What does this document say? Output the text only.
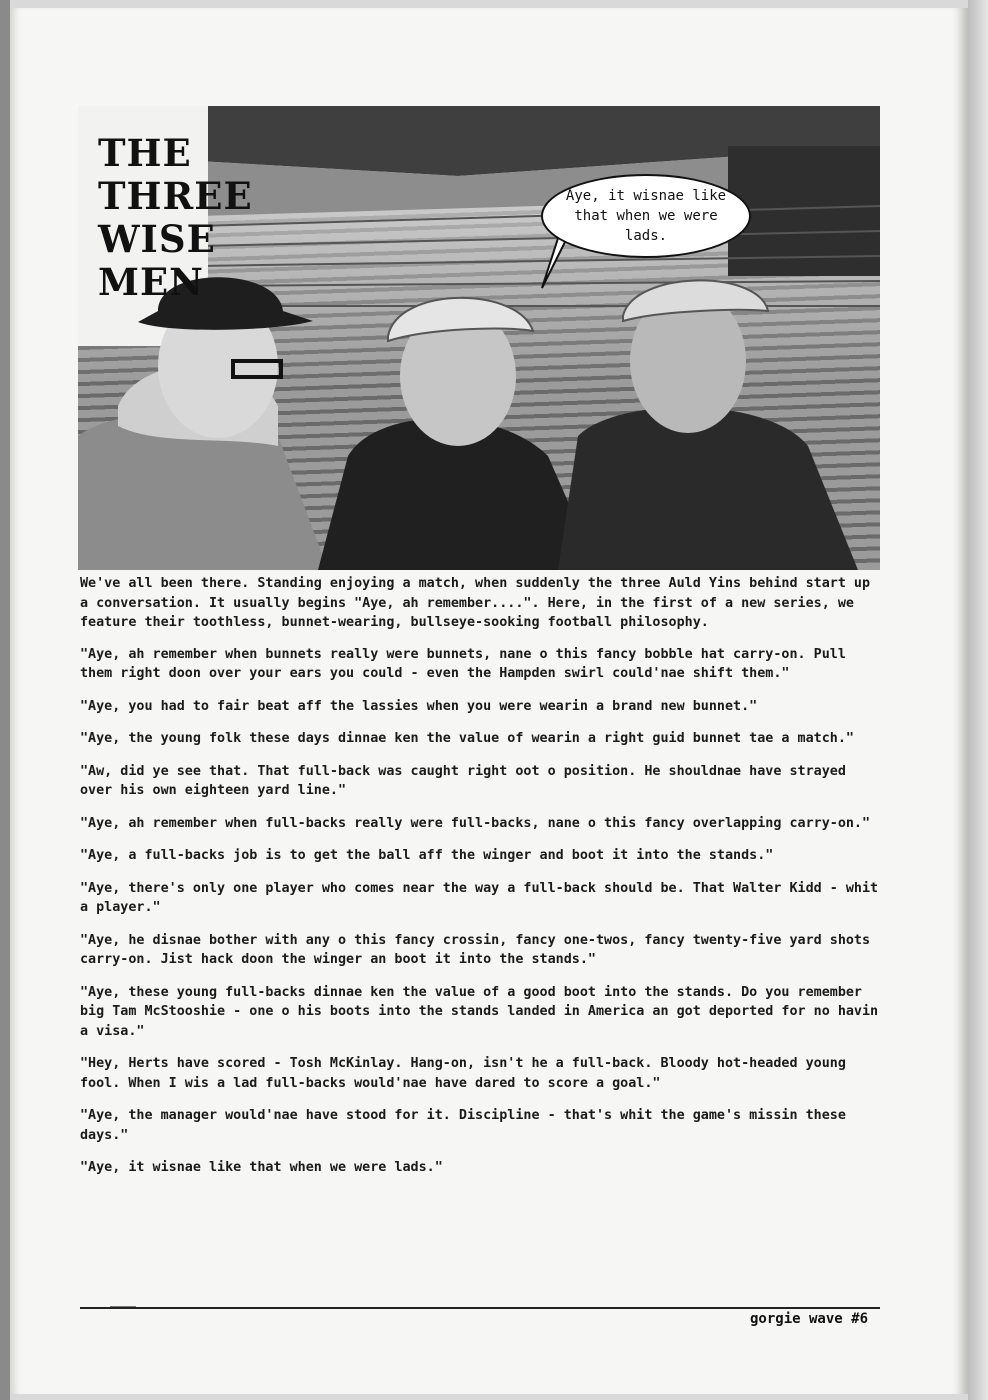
THE
THREE
WISE
MEN
Aye, it wisnae like that when we were lads.

We've all been there. Standing enjoying a match, when suddenly the three Auld Yins behind start up a conversation. It usually begins "Aye, ah remember....". Here, in the first of a new series, we feature their toothless, bunnet-wearing, bullseye-sooking football philosophy.

"Aye, ah remember when bunnets really were bunnets, nane o this fancy bobble hat carry-on. Pull them right doon over your ears you could - even the Hampden swirl could'nae shift them."

"Aye, you had to fair beat aff the lassies when you were wearin a brand new bunnet."

"Aye, the young folk these days dinnae ken the value of wearin a right guid bunnet tae a match."

"Aw, did ye see that. That full-back was caught right oot o position. He shouldnae have strayed over his own eighteen yard line."

"Aye, ah remember when full-backs really were full-backs, nane o this fancy overlapping carry-on."

"Aye, a full-backs job is to get the ball aff the winger and boot it into the stands."

"Aye, there's only one player who comes near the way a full-back should be. That Walter Kidd - whit a player."

"Aye, he disnae bother with any o this fancy crossin, fancy one-twos, fancy twenty-five yard shots carry-on. Jist hack doon the winger an boot it into the stands."

"Aye, these young full-backs dinnae ken the value of a good boot into the stands. Do you remember big Tam McStooshie - one o his boots into the stands landed in America an got deported for no havin a visa."

"Hey, Herts have scored - Tosh McKinlay. Hang-on, isn't he a full-back. Bloody hot-headed young fool. When I wis a lad full-backs would'nae have dared to score a goal."

"Aye, the manager would'nae have stood for it. Discipline - that's whit the game's missin these days."

"Aye, it wisnae like that when we were lads."

gorgie wave #6
